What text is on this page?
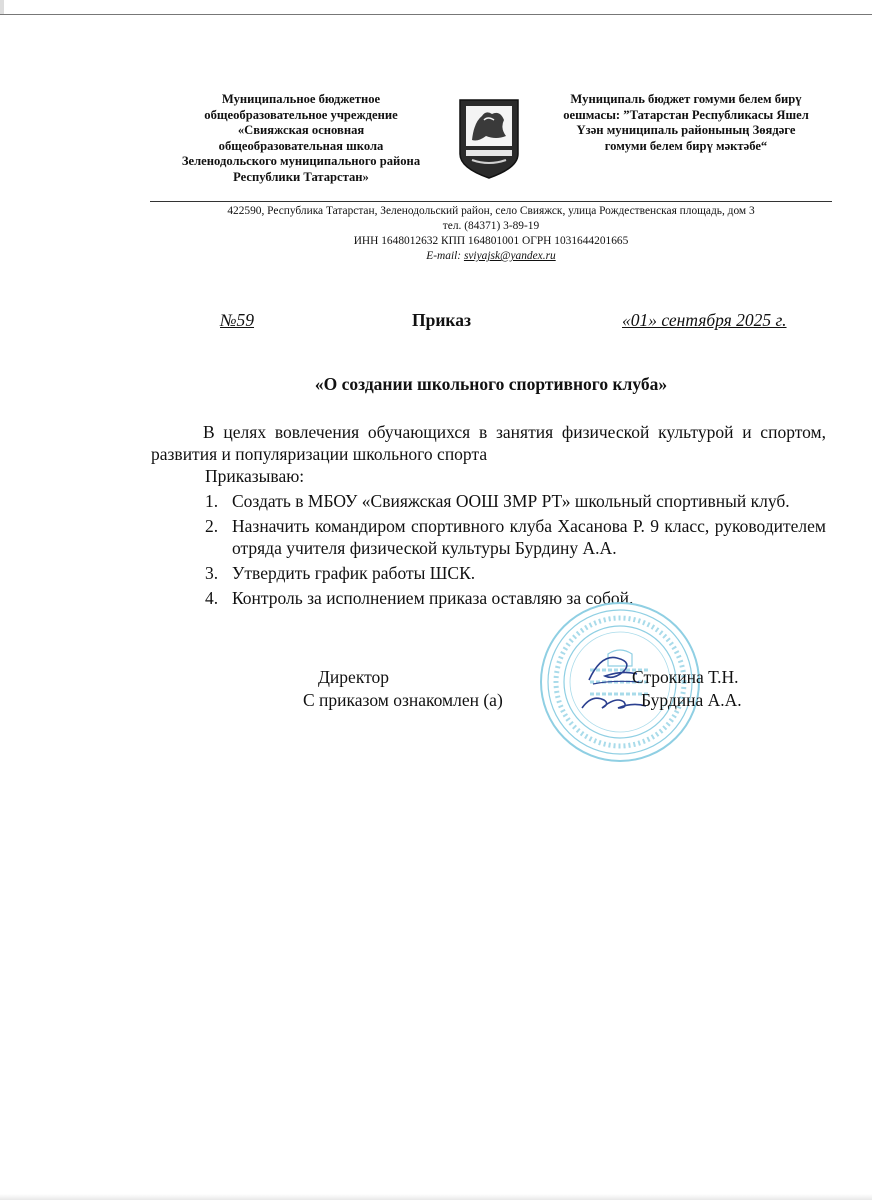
Муниципальное бюджетное
общеобразовательное учреждение
«Свияжская основная
общеобразовательная школа
Зеленодольского муниципального района
Республики Татарстан»
Муниципаль бюджет гомуми белем бирү
оешмасы: ”Татарстан Республикасы Яшел
Үзән муниципаль районының Зөядәге
гомуми белем бирү мәктәбе“
422590, Республика Татарстан, Зеленодольский район, село Свияжск, улица Рождественская площадь, дом 3
тел. (84371) 3-89-19
ИНН 1648012632 КПП 164801001 ОГРН 1031644201665
E-mail: sviyajsk@yandex.ru
№59	Приказ	«01» сентября 2025 г.
«О создании школьного спортивного клуба»

В целях вовлечения обучающихся в занятия физической культурой и спортом, развития и популяризации школьного спорта

Приказываю:
1. Создать в МБОУ «Свияжская ООШ ЗМР РТ» школьный спортивный клуб.
2. Назначить командиром спортивного клуба Хасанова Р. 9 класс, руководителем отряда учителя физической культуры Бурдину А.А.
3. Утвердить график работы ШСК.
4. Контроль за исполнением приказа оставляю за собой.
Директор	Строкина Т.Н.
С приказом ознакомлен (а)	Бурдина А.А.
